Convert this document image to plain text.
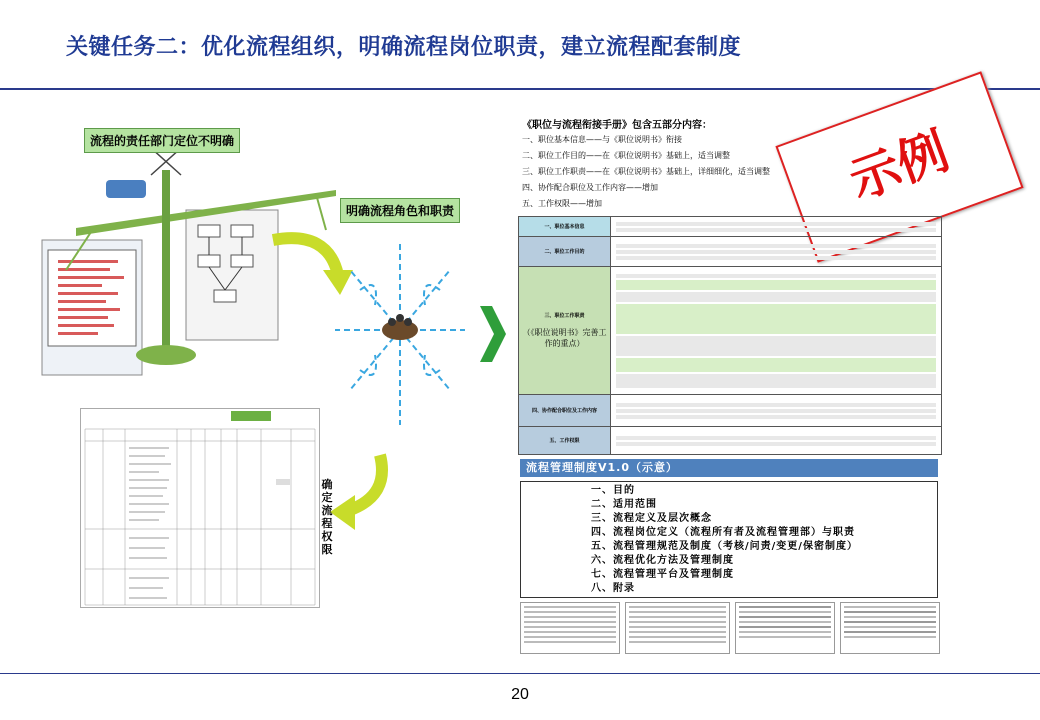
关键任务二：优化流程组织，明确流程岗位职责，建立流程配套制度
流程的责任部门定位不明确
明确流程角色和职责
确定流程权限
《职位与流程衔接手册》包含五部分内容：
一、职位基本信息——与《职位说明书》衔接
二、职位工作目的——在《职位说明书》基础上，适当调整
三、职位工作职责——在《职位说明书》基础上，详细细化，适当调整
四、协作配合职位及工作内容——增加
五、工作权限——增加	示例
一、职位基本信息	

二、职位工作目的	

三、职位工作职责
（《职位说明书》完善工作的重点）	

四、协作配合职位及工作内容	

五、工作权限	
流程管理制度V1.0（示意）
一、目的
二、适用范围
三、流程定义及层次概念
四、流程岗位定义（流程所有者及流程管理部）与职责
五、流程管理规范及制度（考核/问责/变更/保密制度）
六、流程优化方法及管理制度
七、流程管理平台及管理制度
八、附录
20
